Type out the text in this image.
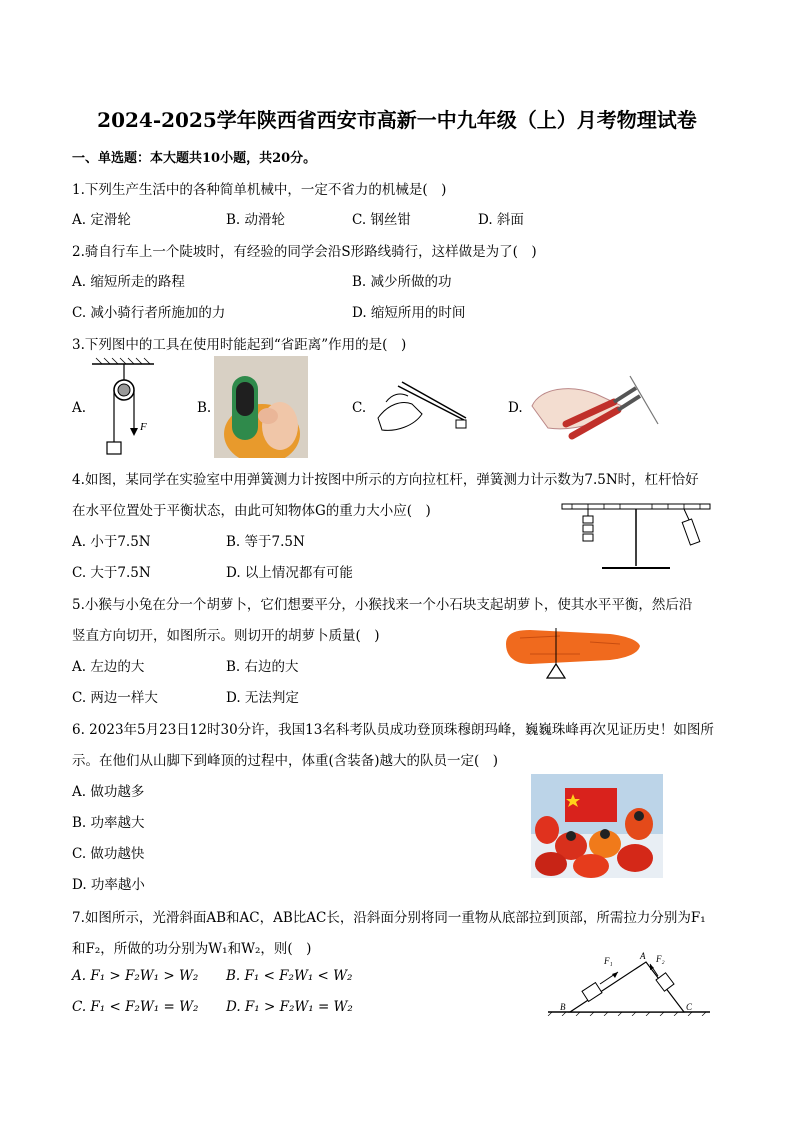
2024-2025学年陕西省西安市高新一中九年级（上）月考物理试卷
一、单选题：本大题共10小题，共20分。
1.下列生产生活中的各种简单机械中，一定不省力的机械是(　)
A. 定滑轮	B. 动滑轮	C. 钢丝钳	D. 斜面
2.骑自行车上一个陡坡时，有经验的同学会沿S形路线骑行，这样做是为了(　)
A. 缩短所走的路程	B. 减少所做的功
C. 减小骑行者所施加的力	D. 缩短所用的时间
3.下列图中的工具在使用时能起到“省距离”作用的是(　)
A.	B.	C.	D.
F
4.如图，某同学在实验室中用弹簧测力计按图中所示的方向拉杠杆，弹簧测力计示数为7.5N时，杠杆恰好
在水平位置处于平衡状态，由此可知物体G的重力大小应(　)
A. 小于7.5N	B. 等于7.5N
C. 大于7.5N	D. 以上情况都有可能
5.小猴与小兔在分一个胡萝卜，它们想要平分，小猴找来一个小石块支起胡萝卜，使其水平平衡，然后沿
竖直方向切开，如图所示。则切开的胡萝卜质量(　)
A. 左边的大	B. 右边的大
C. 两边一样大	D. 无法判定
6. 2023年5月23日12时30分许，我国13名科考队员成功登顶珠穆朗玛峰，巍巍珠峰再次见证历史！如图所
示。在他们从山脚下到峰顶的过程中，体重(含装备)越大的队员一定(　)
A. 做功越多
B. 功率越大
C. 做功越快
D. 功率越小
7.如图所示，光滑斜面AB和AC，AB比AC长，沿斜面分别将同一重物从底部拉到顶部，所需拉力分别为F₁
和F₂，所做的功分别为W₁和W₂，则(　)
A. F₁ > F₂W₁ > W₂ B. F₁ < F₂W₁ < W₂
C. F₁ < F₂W₁ = W₂ D. F₁ > F₂W₁ = W₂
F₁	F₂
A
B	C
